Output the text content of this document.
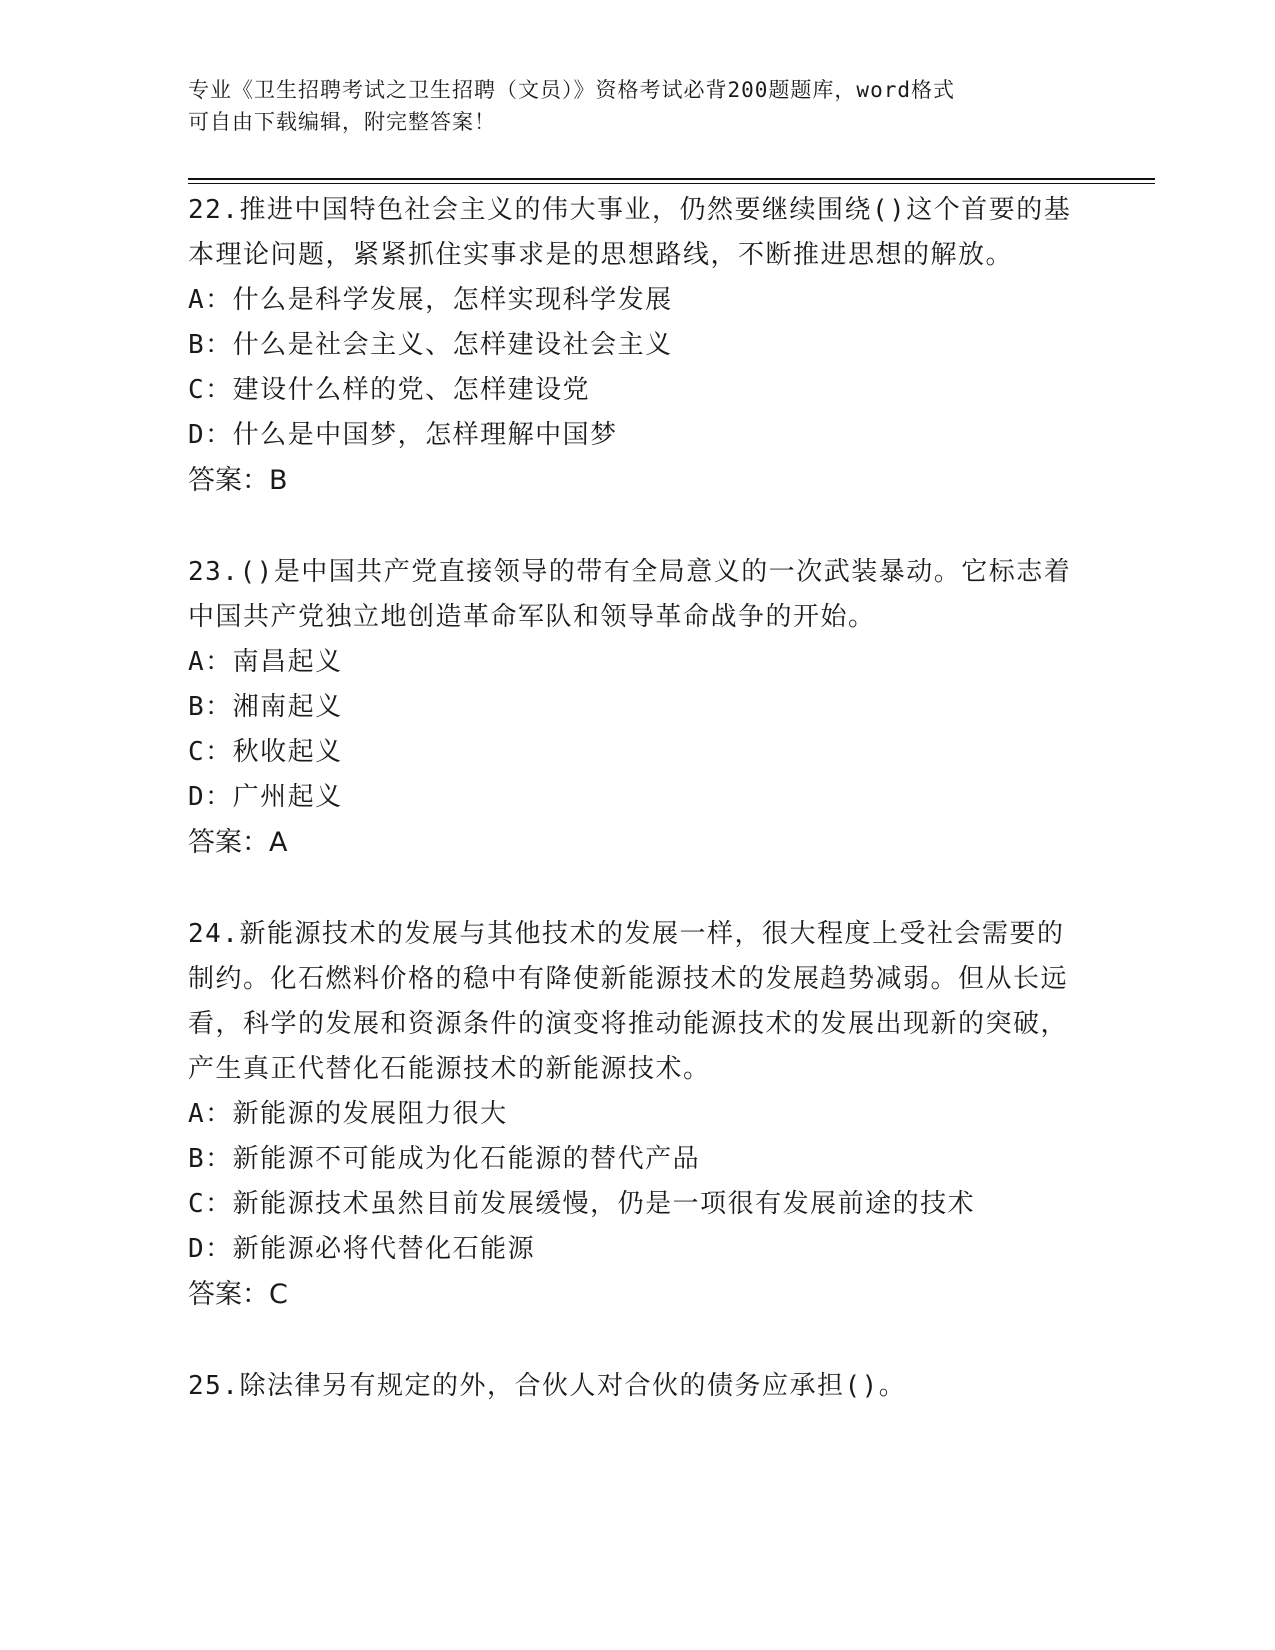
专业《卫生招聘考试之卫生招聘（文员）》资格考试必背200题题库，word格式
可自由下载编辑，附完整答案！

22.推进中国特色社会主义的伟大事业，仍然要继续围绕()这个首要的基本理论问题，紧紧抓住实事求是的思想路线，不断推进思想的解放。

A：什么是科学发展，怎样实现科学发展

B：什么是社会主义、怎样建设社会主义

C：建设什么样的党、怎样建设党

D：什么是中国梦，怎样理解中国梦

答案：B

23.()是中国共产党直接领导的带有全局意义的一次武装暴动。它标志着中国共产党独立地创造革命军队和领导革命战争的开始。

A：南昌起义

B：湘南起义

C：秋收起义

D：广州起义

答案：A

24.新能源技术的发展与其他技术的发展一样，很大程度上受社会需要的制约。化石燃料价格的稳中有降使新能源技术的发展趋势减弱。但从长远看，科学的发展和资源条件的演变将推动能源技术的发展出现新的突破，产生真正代替化石能源技术的新能源技术。

A：新能源的发展阻力很大

B：新能源不可能成为化石能源的替代产品

C：新能源技术虽然目前发展缓慢，仍是一项很有发展前途的技术

D：新能源必将代替化石能源

答案：C

25.除法律另有规定的外，合伙人对合伙的债务应承担()。
